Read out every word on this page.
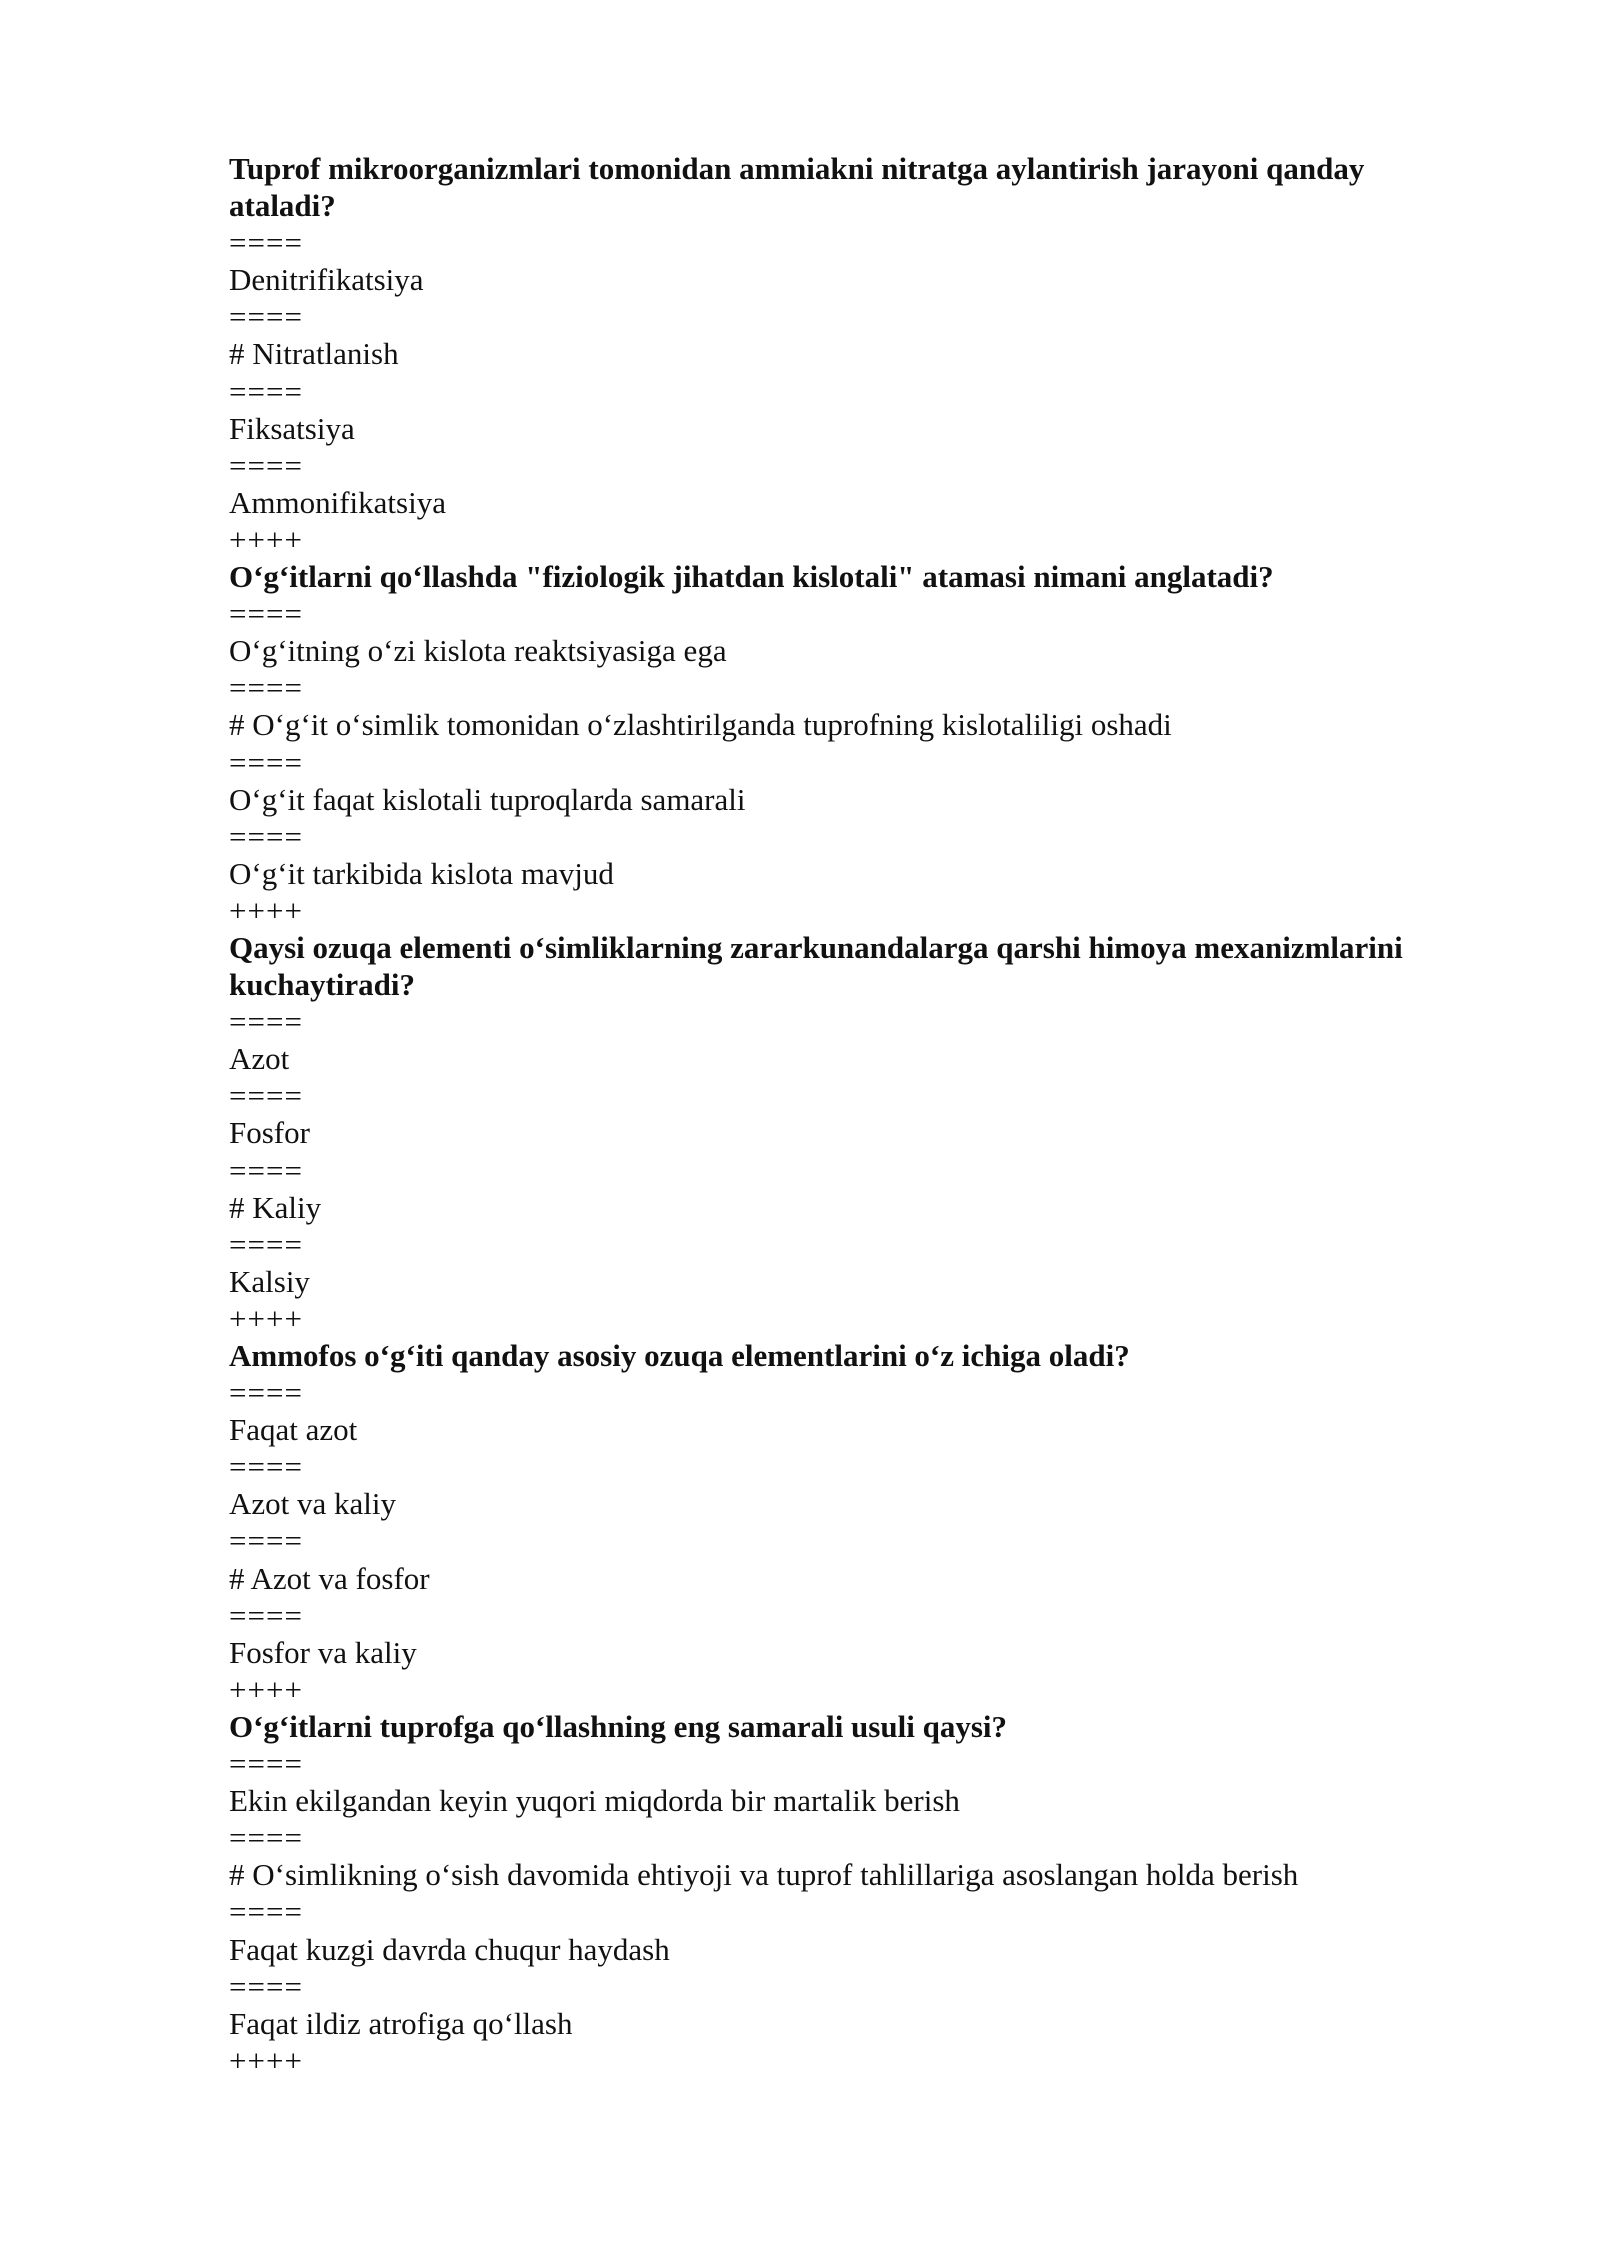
Tuprof mikroorganizmlari tomonidan ammiakni nitratga aylantirish jarayoni qanday ataladi?
====
Denitrifikatsiya
====
# Nitratlanish
====
Fiksatsiya
====
Ammonifikatsiya
++++
O‘g‘itlarni qo‘llashda "fiziologik jihatdan kislotali" atamasi nimani anglatadi?
====
O‘g‘itning o‘zi kislota reaktsiyasiga ega
====
# O‘g‘it o‘simlik tomonidan o‘zlashtirilganda tuprofning kislotaliligi oshadi
====
O‘g‘it faqat kislotali tuproqlarda samarali
====
O‘g‘it tarkibida kislota mavjud
++++
Qaysi ozuqa elementi o‘simliklarning zararkunandalarga qarshi himoya mexanizmlarini kuchaytiradi?
====
Azot
====
Fosfor
====
# Kaliy
====
Kalsiy
++++
Ammofos o‘g‘iti qanday asosiy ozuqa elementlarini o‘z ichiga oladi?
====
Faqat azot
====
Azot va kaliy
====
# Azot va fosfor
====
Fosfor va kaliy
++++
O‘g‘itlarni tuprofga qo‘llashning eng samarali usuli qaysi?
====
Ekin ekilgandan keyin yuqori miqdorda bir martalik berish
====
# O‘simlikning o‘sish davomida ehtiyoji va tuprof tahlillariga asoslangan holda berish
====
Faqat kuzgi davrda chuqur haydash
====
Faqat ildiz atrofiga qo‘llash
++++
